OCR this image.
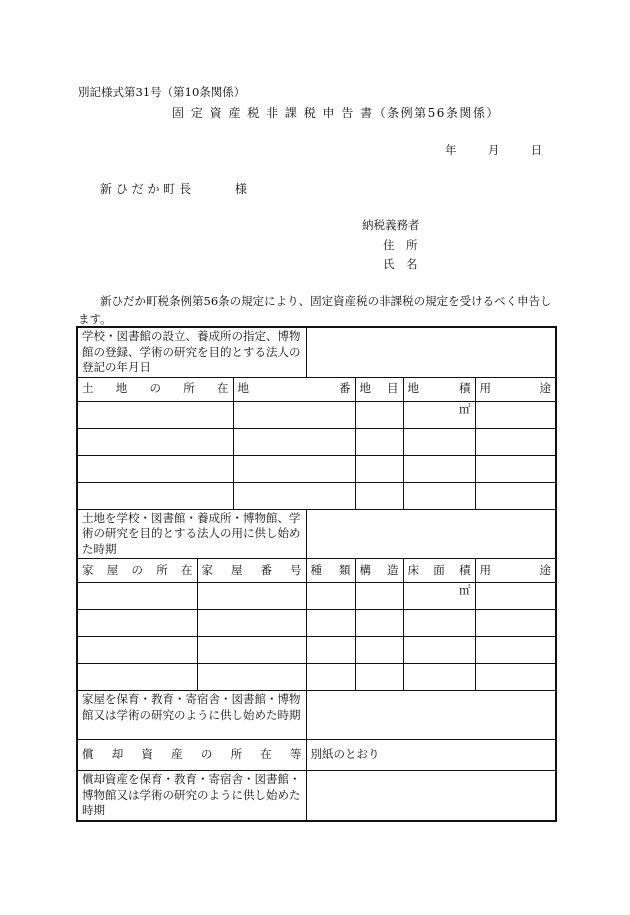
別記様式第31号（第10条関係）
固 定 資 産 税 非 課 税 申 告 書（条例第56条関係）
年	月	日
新 ひ だ か 町 長	様
納税義務者
住　所
氏　名
新ひだか町税条例第56条の規定により、固定資産税の非課税の規定を受けるべく申告します。
学校・図書館の設立、養成所の指定、博物館の登録、学術の研究を目的とする法人の登記の年月日						
土　地　の　所　在		地　　番		地目	地　　積	用　　途
					㎡	

土地を学校・図書館・養成所・博物館、学術の研究を目的とする法人の用に供し始めた時期						
家　屋　の　所　在	家屋番号		種　類	構　造	床面積	用　　途
					㎡	

家屋を保育・教育・寄宿舎・図書館・博物館又は学術の研究のように供し始めた時期						
償　却　資　産　の　所　在　等			別紙のとおり			
償却資産を保育・教育・寄宿舎・図書館・博物館又は学術の研究のように供し始めた時期						
